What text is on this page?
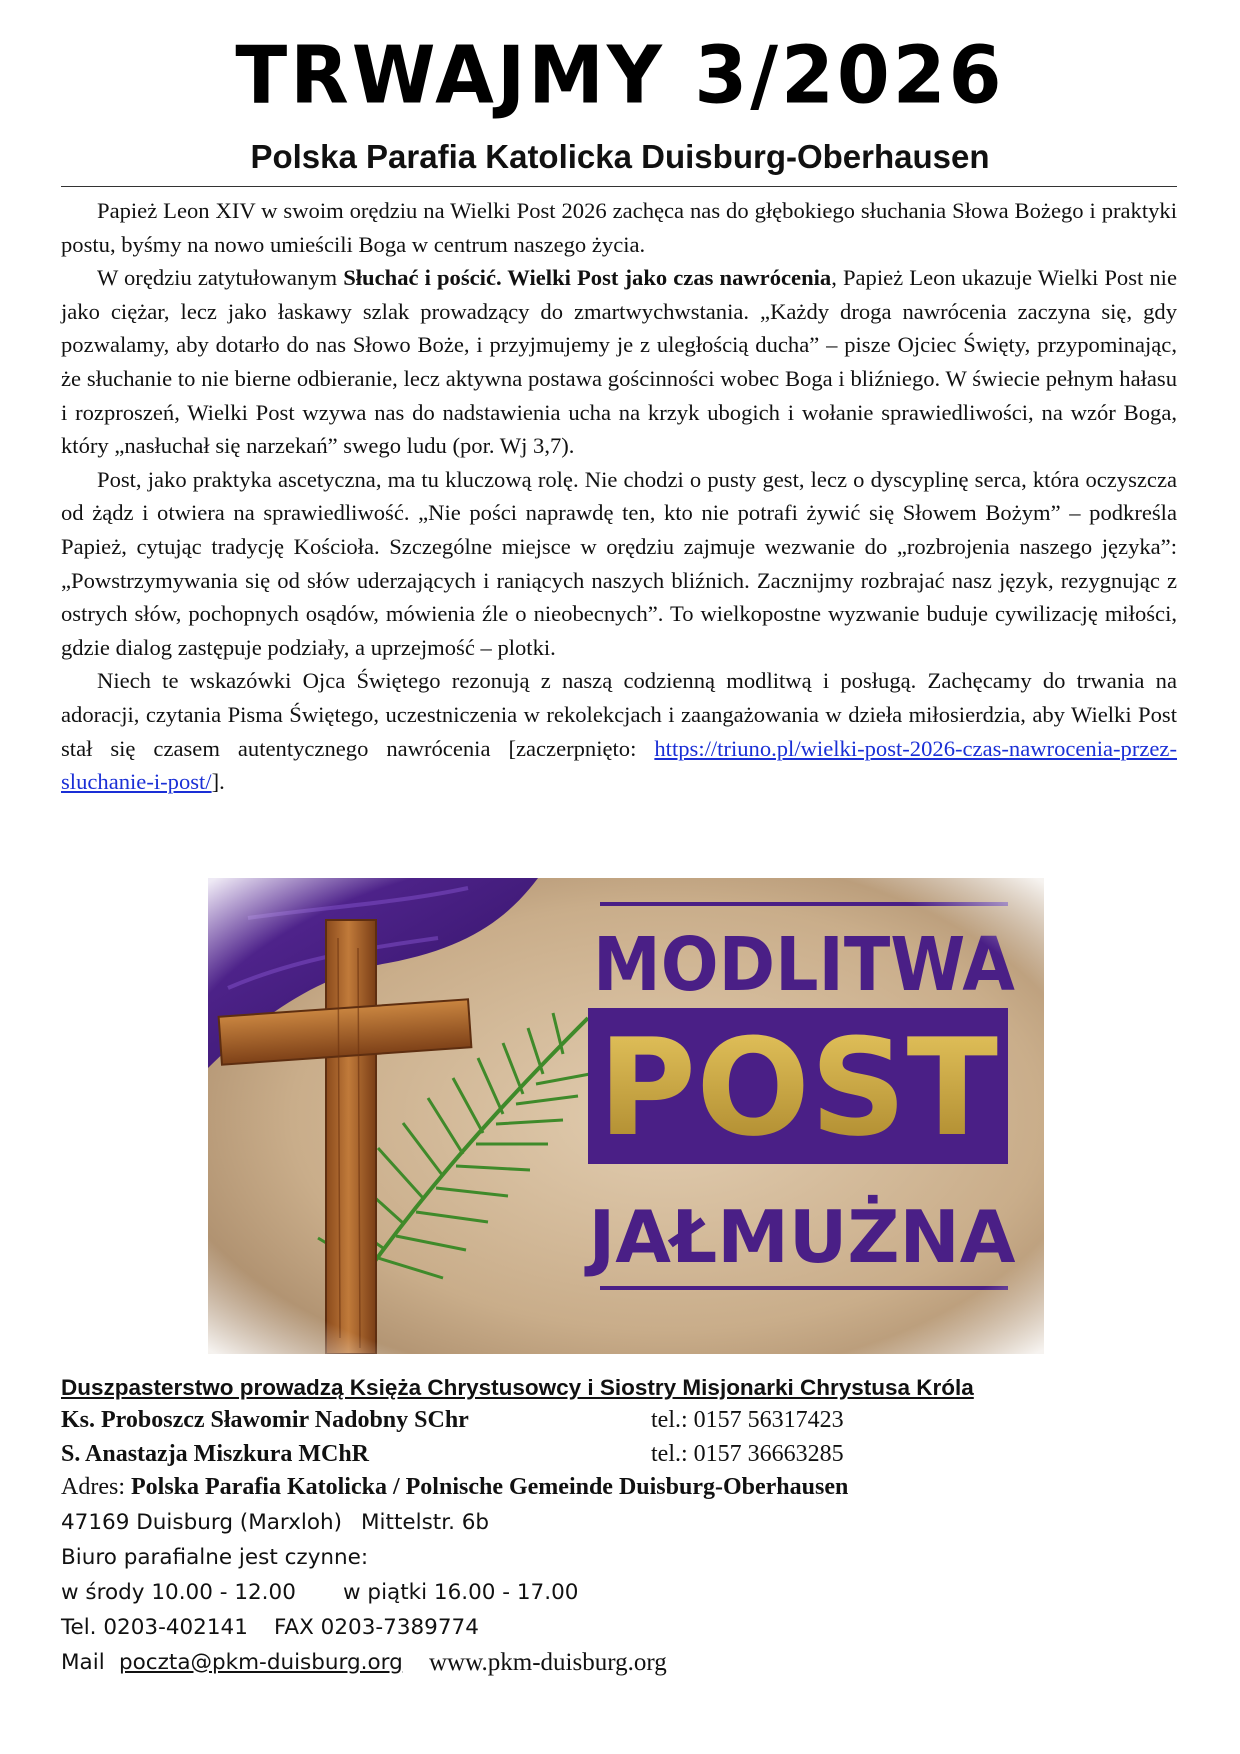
TRWAJMY 3/2026
Polska Parafia Katolicka Duisburg-Oberhausen

Papież Leon XIV w swoim orędziu na Wielki Post 2026 zachęca nas do głębokiego słuchania Słowa Bożego i praktyki postu, byśmy na nowo umieścili Boga w centrum naszego życia.

W orędziu zatytułowanym Słuchać i pościć. Wielki Post jako czas nawrócenia, Papież Leon ukazuje Wielki Post nie jako ciężar, lecz jako łaskawy szlak prowadzący do zmartwychwstania. „Każdy droga nawrócenia zaczyna się, gdy pozwalamy, aby dotarło do nas Słowo Boże, i przyjmujemy je z uległością ducha” – pisze Ojciec Święty, przypominając, że słuchanie to nie bierne odbieranie, lecz aktywna postawa gościnności wobec Boga i bliźniego. W świecie pełnym hałasu i rozproszeń, Wielki Post wzywa nas do nadstawienia ucha na krzyk ubogich i wołanie sprawiedliwości, na wzór Boga, który „nasłuchał się narzekań” swego ludu (por. Wj 3,7).

Post, jako praktyka ascetyczna, ma tu kluczową rolę. Nie chodzi o pusty gest, lecz o dyscyplinę serca, która oczyszcza od żądz i otwiera na sprawiedliwość. „Nie pości naprawdę ten, kto nie potrafi żywić się Słowem Bożym” – podkreśla Papież, cytując tradycję Kościoła. Szczególne miejsce w orędziu zajmuje wezwanie do „rozbrojenia naszego języka”: „Powstrzymywania się od słów uderzających i raniących naszych bliźnich. Zacznijmy rozbrajać nasz język, rezygnując z ostrych słów, pochopnych osądów, mówienia źle o nieobecnych”. To wielkopostne wyzwanie buduje cywilizację miłości, gdzie dialog zastępuje podziały, a uprzejmość – plotki.

Niech te wskazówki Ojca Świętego rezonują z naszą codzienną modlitwą i posługą. Zachęcamy do trwania na adoracji, czytania Pisma Świętego, uczestniczenia w rekolekcjach i zaangażowania w dzieła miłosierdzia, aby Wielki Post stał się czasem autentycznego nawrócenia [zaczerpnięto: https://triuno.pl/wielki-post-2026-czas-nawrocenia-przez-sluchanie-i-post/].

Duszpasterstwo prowadzą Księża Chrystusowcy i Siostry Misjonarki Chrystusa Króla
Ks. Proboszcz Sławomir Nadobny SChr	tel.: 0157 56317423
S. Anastazja Miszkura MChR	tel.: 0157 36663285
Adres: Polska Parafia Katolicka / Polnische Gemeinde Duisburg-Oberhausen
47169 Duisburg (Marxloh) Mittelstr. 6b
Biuro parafialne jest czynne:
w środy 10.00 - 12.00 w piątki 16.00 - 17.00
Tel. 0203-402141 FAX 0203-7389774
Mail poczta@pkm-duisburg.org www.pkm-duisburg.org
